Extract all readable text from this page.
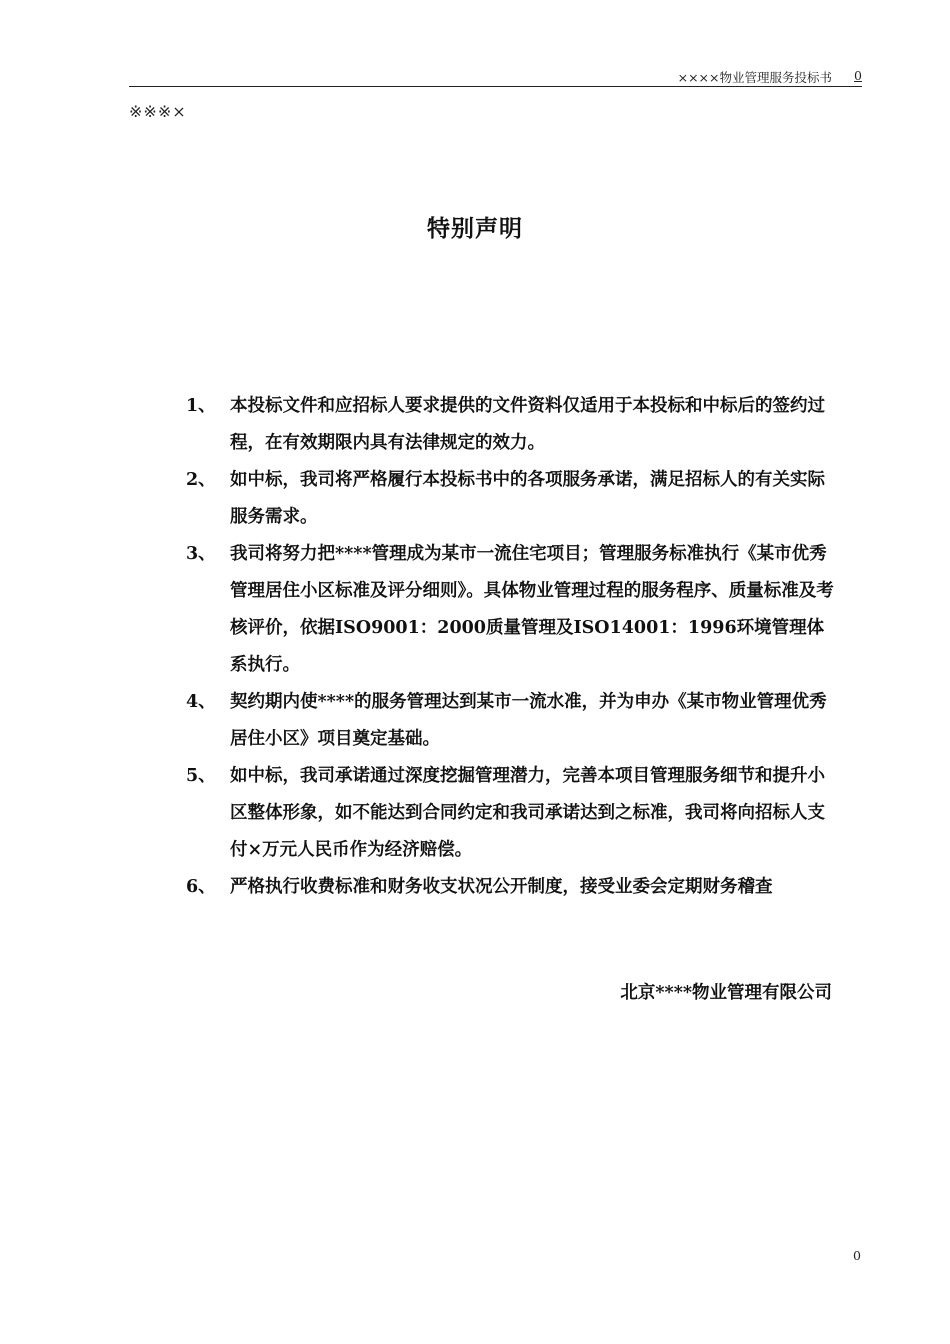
××××物业管理服务投标书 0
※※※×
特别声明
1、 本投标文件和应招标人要求提供的文件资料仅适用于本投标和中标后的签约过程，在有效期限内具有法律规定的效力。
2、 如中标，我司将严格履行本投标书中的各项服务承诺，满足招标人的有关实际服务需求。
3、 我司将努力把****管理成为某市一流住宅项目；管理服务标准执行《某市优秀管理居住小区标准及评分细则》。具体物业管理过程的服务程序、质量标准及考核评价，依据ISO9001：2000质量管理及ISO14001：1996环境管理体系执行。
4、 契约期内使****的服务管理达到某市一流水准，并为申办《某市物业管理优秀居住小区》项目奠定基础。
5、 如中标，我司承诺通过深度挖掘管理潜力，完善本项目管理服务细节和提升小区整体形象，如不能达到合同约定和我司承诺达到之标准，我司将向招标人支付×万元人民币作为经济赔偿。
6、 严格执行收费标准和财务收支状况公开制度，接受业委会定期财务稽查
北京****物业管理有限公司
0
